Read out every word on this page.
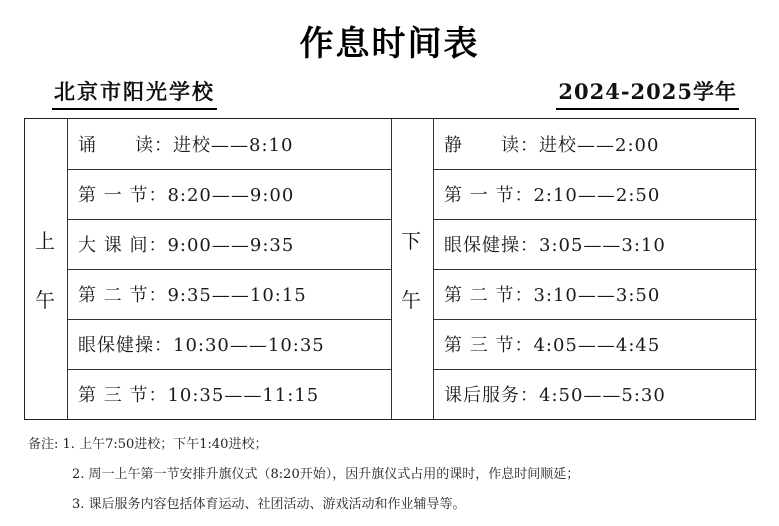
作息时间表
北京市阳光学校	2024-2025学年
上
午
下
午
诵　　读：进校——8:10
第 一 节：8:20——9:00
大 课 间：9:00——9:35
第 二 节：9:35——10:15
眼保健操：10:30——10:35
第 三 节：10:35——11:15
静　　读：进校——2:00
第 一 节：2:10——2:50
眼保健操：3:05——3:10
第 二 节：3:10——3:50
第 三 节：4:05——4:45
课后服务：4:50——5:30
备注: 1. 上午7:50进校；下午1:40进校；
2. 周一上午第一节安排升旗仪式（8:20开始），因升旗仪式占用的课时，作息时间顺延；
3. 课后服务内容包括体育运动、社团活动、游戏活动和作业辅导等。
